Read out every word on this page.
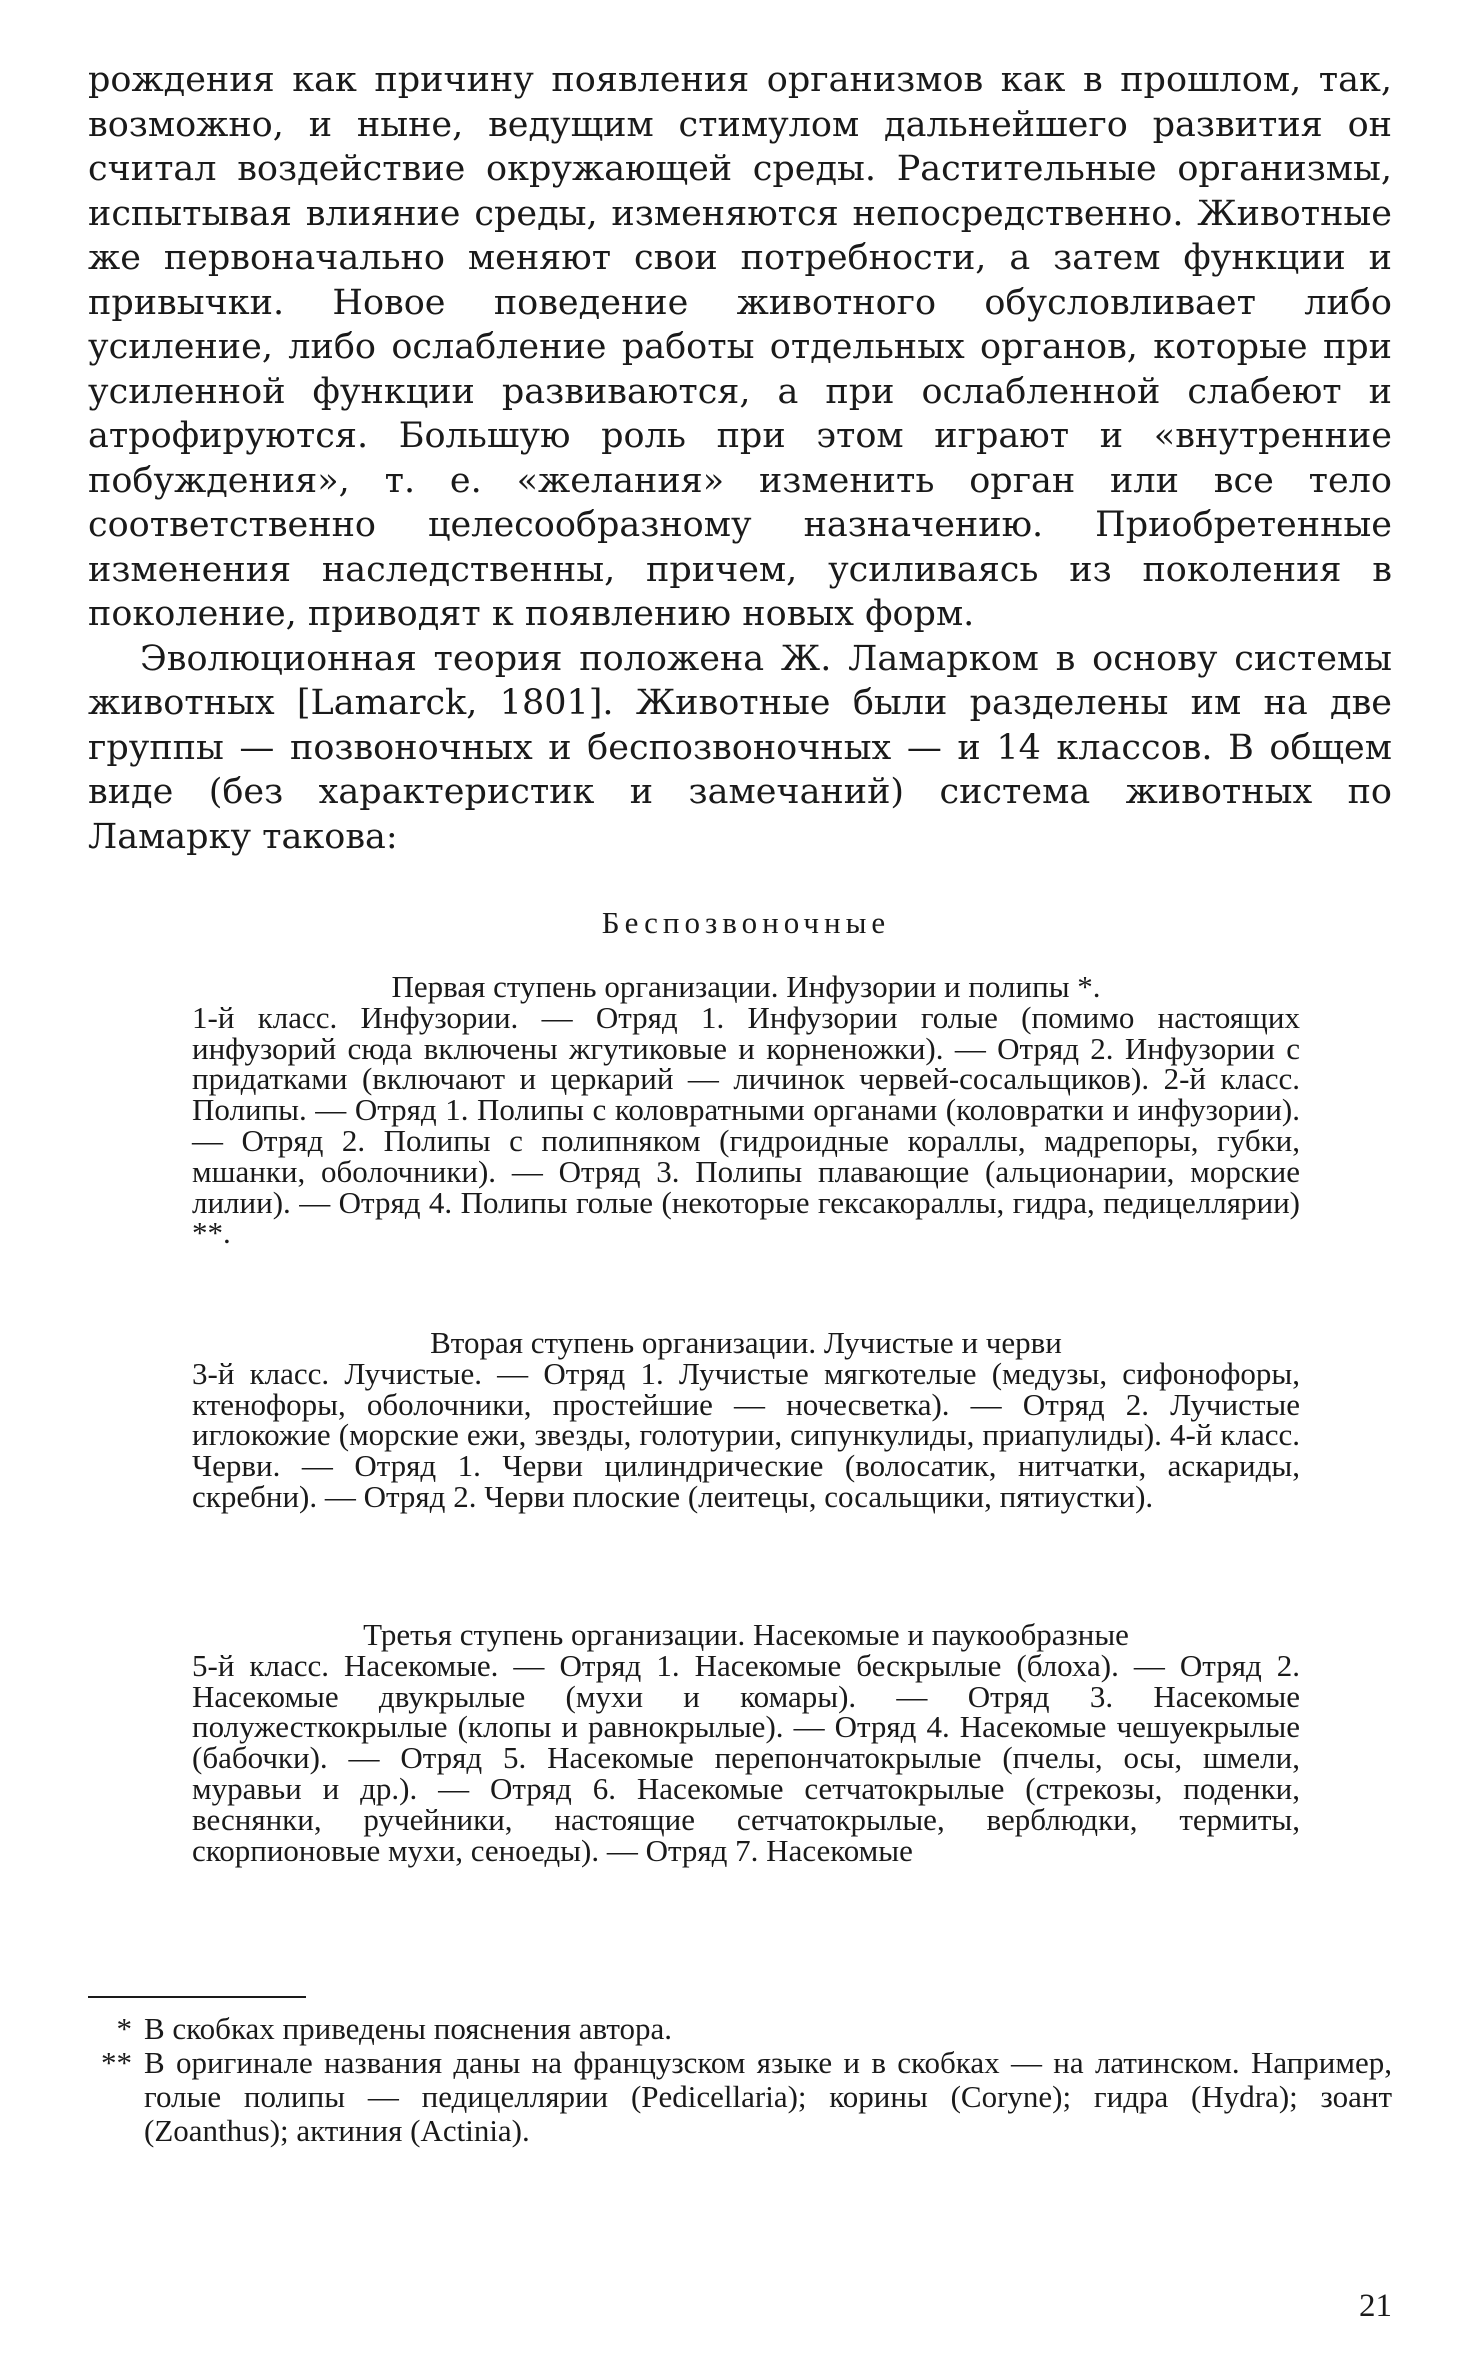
рождения как причину появления организмов как в прошлом, так, возможно, и ныне, ведущим стимулом дальнейшего развития он считал воздействие окружающей среды. Растительные организмы, испытывая влияние среды, изменяются непосредственно. Животные же первоначально меняют свои потребности, а затем функции и привычки. Новое поведение животного обусловливает либо усиление, либо ослабление работы отдельных органов, которые при усиленной функции развиваются, а при ослабленной слабеют и атрофируются. Большую роль при этом играют и «внутренние побуждения», т. е. «желания» изменить орган или все тело соответственно целесообразному назначению. Приобретенные изменения наследственны, причем, усиливаясь из поколения в поколение, приводят к появлению новых форм.

Эволюционная теория положена Ж. Ламарком в основу системы животных [Lamarck, 1801]. Животные были разделены им на две группы — позвоночных и беспозвоночных — и 14 классов. В общем виде (без характеристик и замечаний) система животных по Ламарку такова:

Беспозвоночные

Первая ступень организации. Инфузории и полипы *.

1-й класс. Инфузории. — Отряд 1. Инфузории голые (помимо настоящих инфузорий сюда включены жгутиковые и корненожки). — Отряд 2. Инфузории с придатками (включают и церкарий — личинок червей-сосальщиков). 2-й класс. Полипы. — Отряд 1. Полипы с коловратными органами (коловратки и инфузории). — Отряд 2. Полипы с полипняком (гидроидные кораллы, мадрепоры, губки, мшанки, оболочники). — Отряд 3. Полипы плавающие (альционарии, морские лилии). — Отряд 4. Полипы голые (некоторые гексакораллы, гидра, педицеллярии) **.

Вторая ступень организации. Лучистые и черви

3-й класс. Лучистые. — Отряд 1. Лучистые мягкотелые (медузы, сифонофоры, ктенофоры, оболочники, простейшие — ночесветка). — Отряд 2. Лучистые иглокожие (морские ежи, звезды, голотурии, сипункулиды, приапулиды). 4-й класс. Черви. — Отряд 1. Черви цилиндрические (волосатик, нитчатки, аскариды, скребни). — Отряд 2. Черви плоские (леитецы, сосальщики, пятиустки).

Третья ступень организации. Насекомые и паукообразные

5-й класс. Насекомые. — Отряд 1. Насекомые бескрылые (блоха). — Отряд 2. Насекомые двукрылые (мухи и комары). — Отряд 3. Насекомые полужесткокрылые (клопы и равнокрылые). — Отряд 4. Насекомые чешуекрылые (бабочки). — Отряд 5. Насекомые перепончатокрылые (пчелы, осы, шмели, муравьи и др.). — Отряд 6. Насекомые сетчатокрылые (стрекозы, поденки, веснянки, ручейники, настоящие сетчатокрылые, верблюдки, термиты, скорпионовые мухи, сеноеды). — Отряд 7. Насекомые

* В скобках приведены пояснения автора.

** В оригинале названия даны на французском языке и в скобках — на латинском. Например, голые полипы — педицеллярии (Pedicellaria); корины (Coryne); гидра (Hydra); зоант (Zoanthus); актиния (Actinia).

21
